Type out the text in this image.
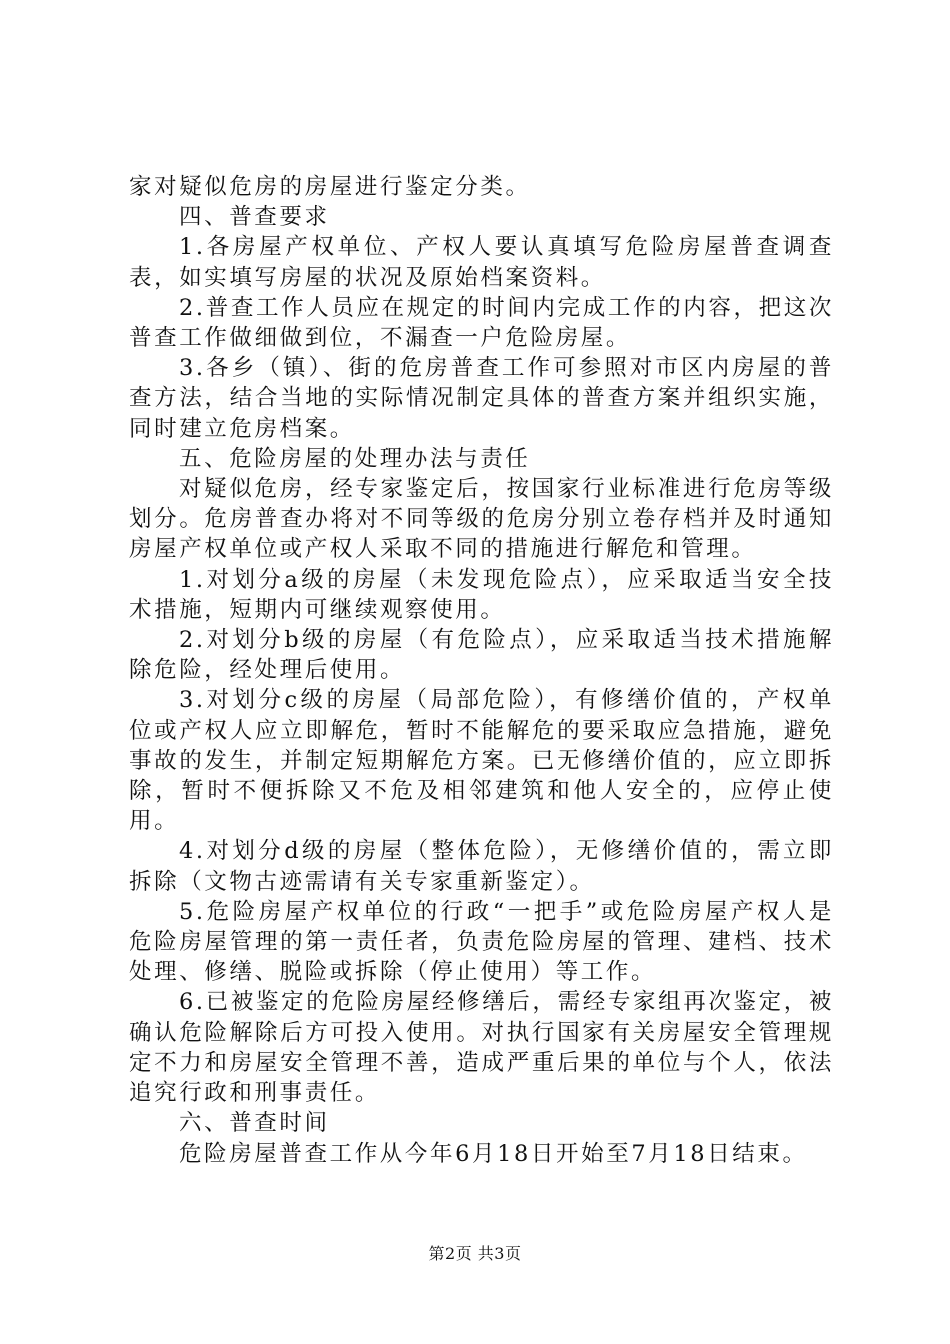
家对疑似危房的房屋进行鉴定分类。

四、普查要求

1.各房屋产权单位、产权人要认真填写危险房屋普查调查表，如实填写房屋的状况及原始档案资料。

2.普查工作人员应在规定的时间内完成工作的内容，把这次普查工作做细做到位，不漏查一户危险房屋。

3.各乡（镇）、街的危房普查工作可参照对市区内房屋的普查方法，结合当地的实际情况制定具体的普查方案并组织实施，同时建立危房档案。

五、危险房屋的处理办法与责任

对疑似危房，经专家鉴定后，按国家行业标准进行危房等级划分。危房普查办将对不同等级的危房分别立卷存档并及时通知房屋产权单位或产权人采取不同的措施进行解危和管理。

1.对划分a级的房屋（未发现危险点），应采取适当安全技术措施，短期内可继续观察使用。

2.对划分b级的房屋（有危险点），应采取适当技术措施解除危险，经处理后使用。

3.对划分c级的房屋（局部危险），有修缮价值的，产权单位或产权人应立即解危，暂时不能解危的要采取应急措施，避免事故的发生，并制定短期解危方案。已无修缮价值的，应立即拆除，暂时不便拆除又不危及相邻建筑和他人安全的，应停止使用。

4.对划分d级的房屋（整体危险），无修缮价值的，需立即拆除（文物古迹需请有关专家重新鉴定）。

5.危险房屋产权单位的行政“一把手”或危险房屋产权人是危险房屋管理的第一责任者，负责危险房屋的管理、建档、技术处理、修缮、脱险或拆除（停止使用）等工作。

6.已被鉴定的危险房屋经修缮后，需经专家组再次鉴定，被确认危险解除后方可投入使用。对执行国家有关房屋安全管理规定不力和房屋安全管理不善，造成严重后果的单位与个人，依法追究行政和刑事责任。

六、普查时间

危险房屋普查工作从今年6月18日开始至7月18日结束。

第2页 共3页
